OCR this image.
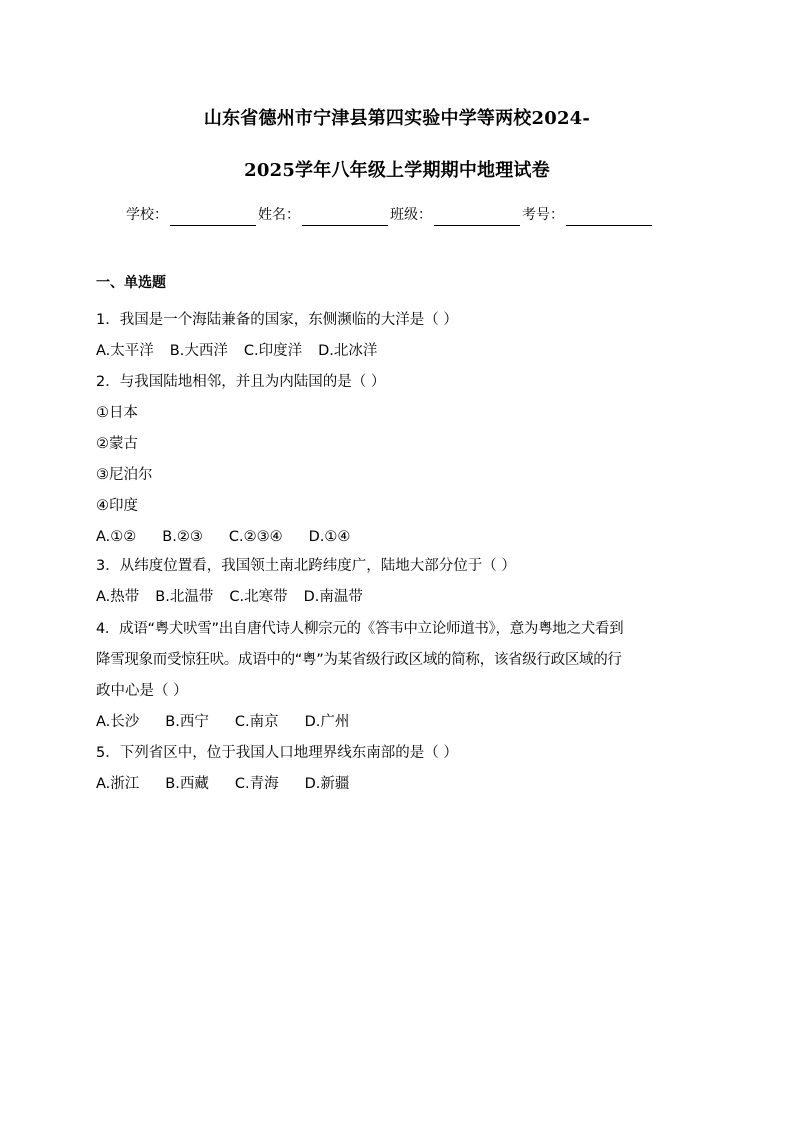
山东省德州市宁津县第四实验中学等两校2024-
2025学年八年级上学期期中地理试卷
学校：	姓名：	班级：	考号：
一、单选题
1．我国是一个海陆兼备的国家，东侧濒临的大洋是（ ）
A.太平洋 B.大西洋 C.印度洋 D.北冰洋
2．与我国陆地相邻，并且为内陆国的是（ ）
①日本
②蒙古
③尼泊尔
④印度
A.①② B.②③ C.②③④ D.①④
3．从纬度位置看，我国领土南北跨纬度广，陆地大部分位于（ ）
A.热带 B.北温带 C.北寒带 D.南温带
4．成语“粤犬吠雪”出自唐代诗人柳宗元的《答韦中立论师道书》，意为粤地之犬看到
降雪现象而受惊狂吠。成语中的“粤”为某省级行政区域的简称，该省级行政区域的行
政中心是（ ）
A.长沙 B.西宁 C.南京 D.广州
5．下列省区中，位于我国人口地理界线东南部的是（ ）
A.浙江 B.西藏 C.青海 D.新疆
